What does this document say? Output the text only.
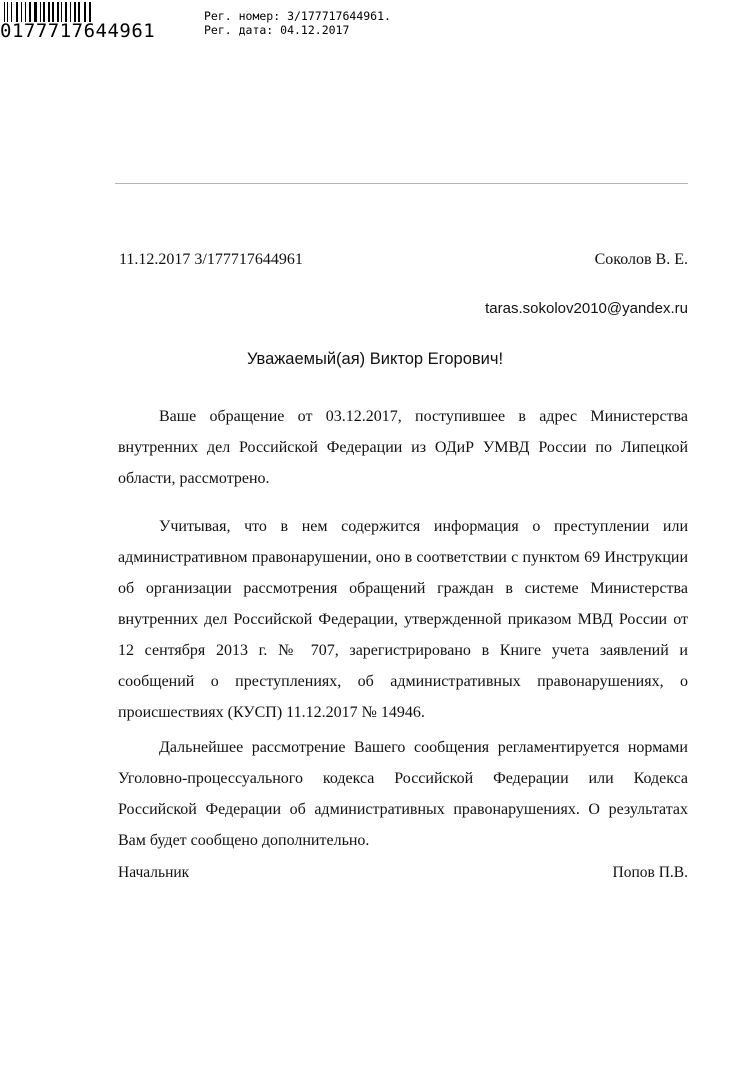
0177717644961
Рег. номер: 3/177717644961.
Рег. дата: 04.12.2017
11.12.2017 3/177717644961	Соколов В. Е.
taras.sokolov2010@yandex.ru
Уважаемый(ая) Виктор Егорович!

Ваше обращение от 03.12.2017, поступившее в адрес Министерства внутренних дел Российской Федерации из ОДиР УМВД России по Липецкой области, рассмотрено.

Учитывая, что в нем содержится информация о преступлении или административном правонарушении, оно в соответствии с пунктом 69 Инструкции об организации рассмотрения обращений граждан в системе Министерства внутренних дел Российской Федерации, утвержденной приказом МВД России от 12 сентября 2013 г. № 707, зарегистрировано в Книге учета заявлений и сообщений о преступлениях, об административных правонарушениях, о происшествиях (КУСП) 11.12.2017 № 14946.

Дальнейшее рассмотрение Вашего сообщения регламентируется нормами Уголовно-процессуального кодекса Российской Федерации или Кодекса Российской Федерации об административных правонарушениях. О результатах Вам будет сообщено дополнительно.

Начальник	Попов П.В.
